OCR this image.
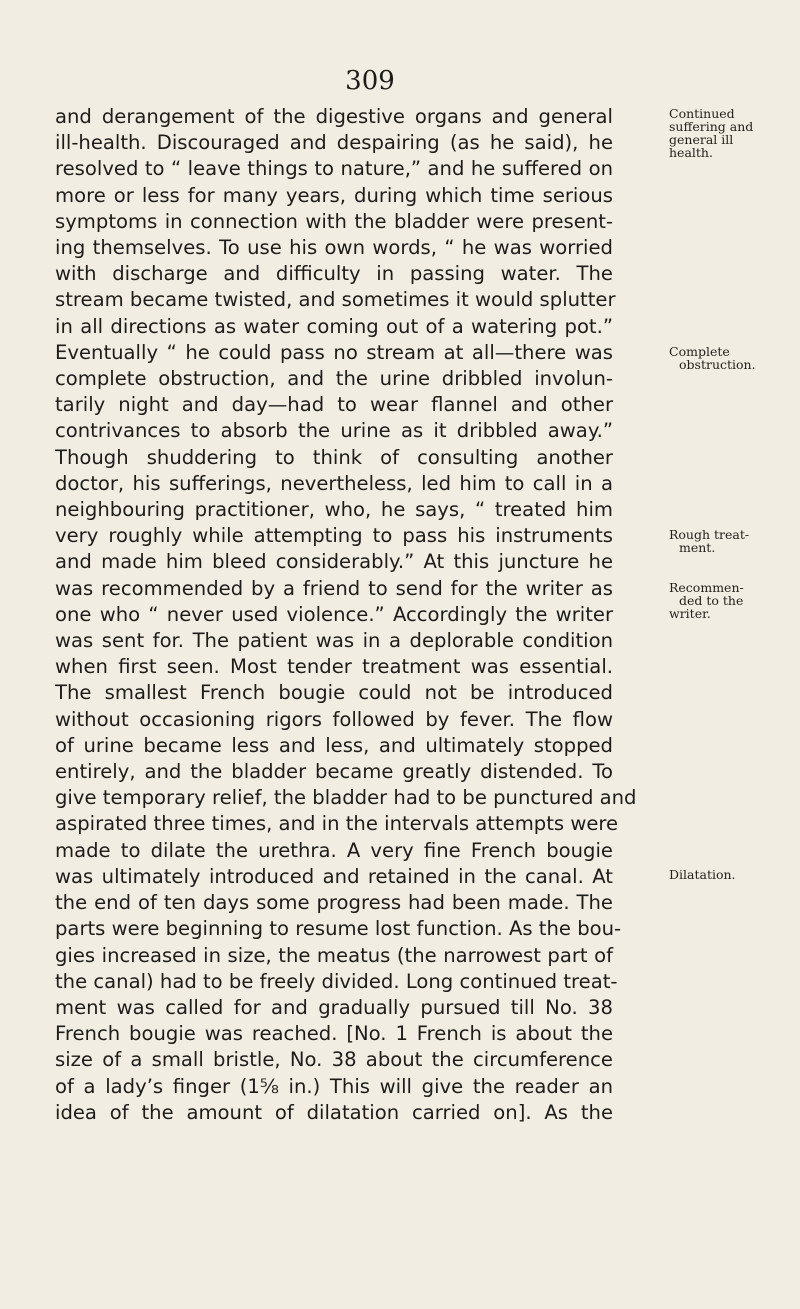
309
and derangement of the digestive organs and general
ill-health. Discouraged and despairing (as he said), he
resolved to “ leave things to nature,” and he suffered on
more or less for many years, during which time serious
symptoms in connection with the bladder were present-
ing themselves. To use his own words, “ he was worried
with discharge and difficulty in passing water. The
stream became twisted, and sometimes it would splutter
in all directions as water coming out of a watering pot.”
Eventually “ he could pass no stream at all—there was
complete obstruction, and the urine dribbled involun-
tarily night and day—had to wear flannel and other
contrivances to absorb the urine as it dribbled away.”
Though shuddering to think of consulting another
doctor, his sufferings, nevertheless, led him to call in a
neighbouring practitioner, who, he says, “ treated him
very roughly while attempting to pass his instruments
and made him bleed considerably.” At this juncture he
was recommended by a friend to send for the writer as
one who “ never used violence.” Accordingly the writer
was sent for. The patient was in a deplorable condition
when first seen. Most tender treatment was essential.
The smallest French bougie could not be introduced
without occasioning rigors followed by fever. The flow
of urine became less and less, and ultimately stopped
entirely, and the bladder became greatly distended. To
give temporary relief, the bladder had to be punctured and
aspirated three times, and in the intervals attempts were
made to dilate the urethra. A very fine French bougie
was ultimately introduced and retained in the canal. At
the end of ten days some progress had been made. The
parts were beginning to resume lost function. As the bou-
gies increased in size, the meatus (the narrowest part of
the canal) had to be freely divided. Long continued treat-
ment was called for and gradually pursued till No. 38
French bougie was reached. [No. 1 French is about the
size of a small bristle, No. 38 about the circumference
of a lady’s finger (1⅝ in.) This will give the reader an
idea of the amount of dilatation carried on]. As the
Continued
suffering and
general ill
health.
Complete
obstruction.
Rough treat-
ment.
Recommen-
ded to the
writer.
Dilatation.
